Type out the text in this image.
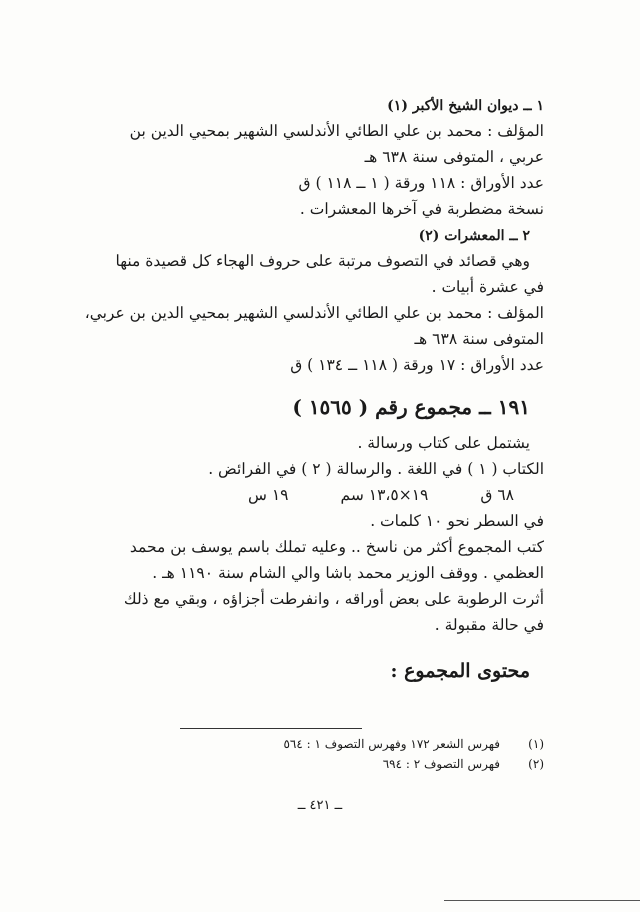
١ ــ ديوان الشيخ الأكبر (١)
المؤلف : محمد بن علي الطائي الأندلسي الشهير بمحيي الدين بن
عربي ، المتوفى سنة ٦٣٨ هـ
عدد الأوراق : ١١٨ ورقة ( ١ ــ ١١٨ ) ق
نسخة مضطربة في آخرها المعشرات .
٢ ــ المعشرات (٢)
وهي قصائد في التصوف مرتبة على حروف الهجاء كل قصيدة منها
في عشرة أبيات .
المؤلف : محمد بن علي الطائي الأندلسي الشهير بمحيي الدين بن عربي،
المتوفى سنة ٦٣٨ هـ
عدد الأوراق : ١٧ ورقة ( ١١٨ ــ ١٣٤ ) ق
١٩١ ــ مجموع رقم ( ١٥٦٥ )
يشتمل على كتاب ورسالة .
الكتاب ( ١ ) في اللغة . والرسالة ( ٢ ) في الفرائض .
٦٨ ق
١٩×١٣،٥ سم
١٩ س
في السطر نحو ١٠ كلمات .
كتب المجموع أكثر من ناسخ .. وعليه تملك باسم يوسف بن محمد
العظمي . ووقف الوزير محمد باشا والي الشام سنة ١١٩٠ هـ .
أثرت الرطوبة على بعض أوراقه ، وانفرطت أجزاؤه ، وبقي مع ذلك
في حالة مقبولة .
محتوى المجموع :
(١)
فهرس الشعر ١٧٢ وفهرس التصوف ١ : ٥٦٤
(٢)
فهرس التصوف ٢ : ٦٩٤
ــ ٤٢١ ــ
